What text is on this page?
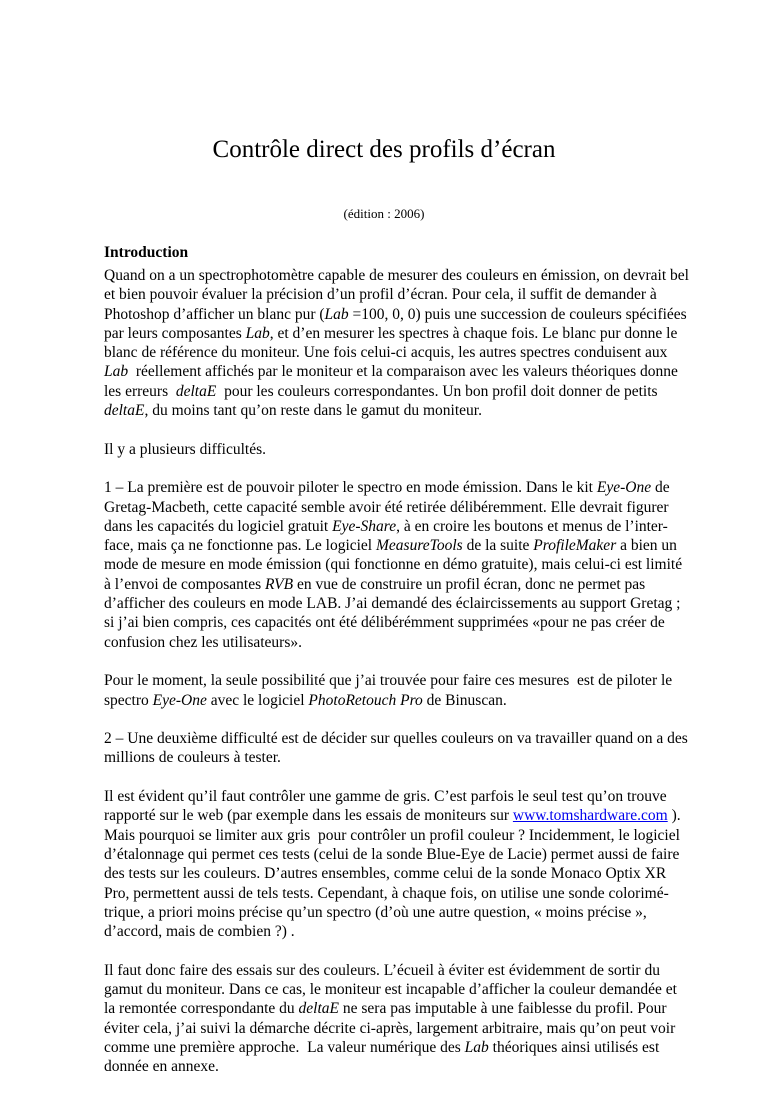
Contrôle direct des profils d’écran
(édition : 2006)
Introduction
Quand on a un spectrophotomètre capable de mesurer des couleurs en émission, on devrait bel
et bien pouvoir évaluer la précision d’un profil d’écran. Pour cela, il suffit de demander à
Photoshop d’afficher un blanc pur (Lab =100, 0, 0) puis une succession de couleurs spécifiées
par leurs composantes Lab, et d’en mesurer les spectres à chaque fois. Le blanc pur donne le
blanc de référence du moniteur. Une fois celui-ci acquis, les autres spectres conduisent aux
Lab  réellement affichés par le moniteur et la comparaison avec les valeurs théoriques donne
les erreurs  deltaE  pour les couleurs correspondantes. Un bon profil doit donner de petits
deltaE, du moins tant qu’on reste dans le gamut du moniteur.
Il y a plusieurs difficultés.
1 – La première est de pouvoir piloter le spectro en mode émission. Dans le kit Eye-One de
Gretag-Macbeth, cette capacité semble avoir été retirée délibéremment. Elle devrait figurer
dans les capacités du logiciel gratuit Eye-Share, à en croire les boutons et menus de l’inter-
face, mais ça ne fonctionne pas. Le logiciel MeasureTools de la suite ProfileMaker a bien un
mode de mesure en mode émission (qui fonctionne en démo gratuite), mais celui-ci est limité
à l’envoi de composantes RVB en vue de construire un profil écran, donc ne permet pas
d’afficher des couleurs en mode LAB. J’ai demandé des éclaircissements au support Gretag ;
si j’ai bien compris, ces capacités ont été délibérémment supprimées «pour ne pas créer de
confusion chez les utilisateurs».
Pour le moment, la seule possibilité que j’ai trouvée pour faire ces mesures  est de piloter le
spectro Eye-One avec le logiciel PhotoRetouch Pro de Binuscan.
2 – Une deuxième difficulté est de décider sur quelles couleurs on va travailler quand on a des
millions de couleurs à tester.
Il est évident qu’il faut contrôler une gamme de gris. C’est parfois le seul test qu’on trouve
rapporté sur le web (par exemple dans les essais de moniteurs sur www.tomshardware.com ).
Mais pourquoi se limiter aux gris  pour contrôler un profil couleur ? Incidemment, le logiciel
d’étalonnage qui permet ces tests (celui de la sonde Blue-Eye de Lacie) permet aussi de faire
des tests sur les couleurs. D’autres ensembles, comme celui de la sonde Monaco Optix XR
Pro, permettent aussi de tels tests. Cependant, à chaque fois, on utilise une sonde colorimé-
trique, a priori moins précise qu’un spectro (d’où une autre question, « moins précise »,
d’accord, mais de combien ?) .
Il faut donc faire des essais sur des couleurs. L’écueil à éviter est évidemment de sortir du
gamut du moniteur. Dans ce cas, le moniteur est incapable d’afficher la couleur demandée et
la remontée correspondante du deltaE ne sera pas imputable à une faiblesse du profil. Pour
éviter cela, j’ai suivi la démarche décrite ci-après, largement arbitraire, mais qu’on peut voir
comme une première approche.  La valeur numérique des Lab théoriques ainsi utilisés est
donnée en annexe.
